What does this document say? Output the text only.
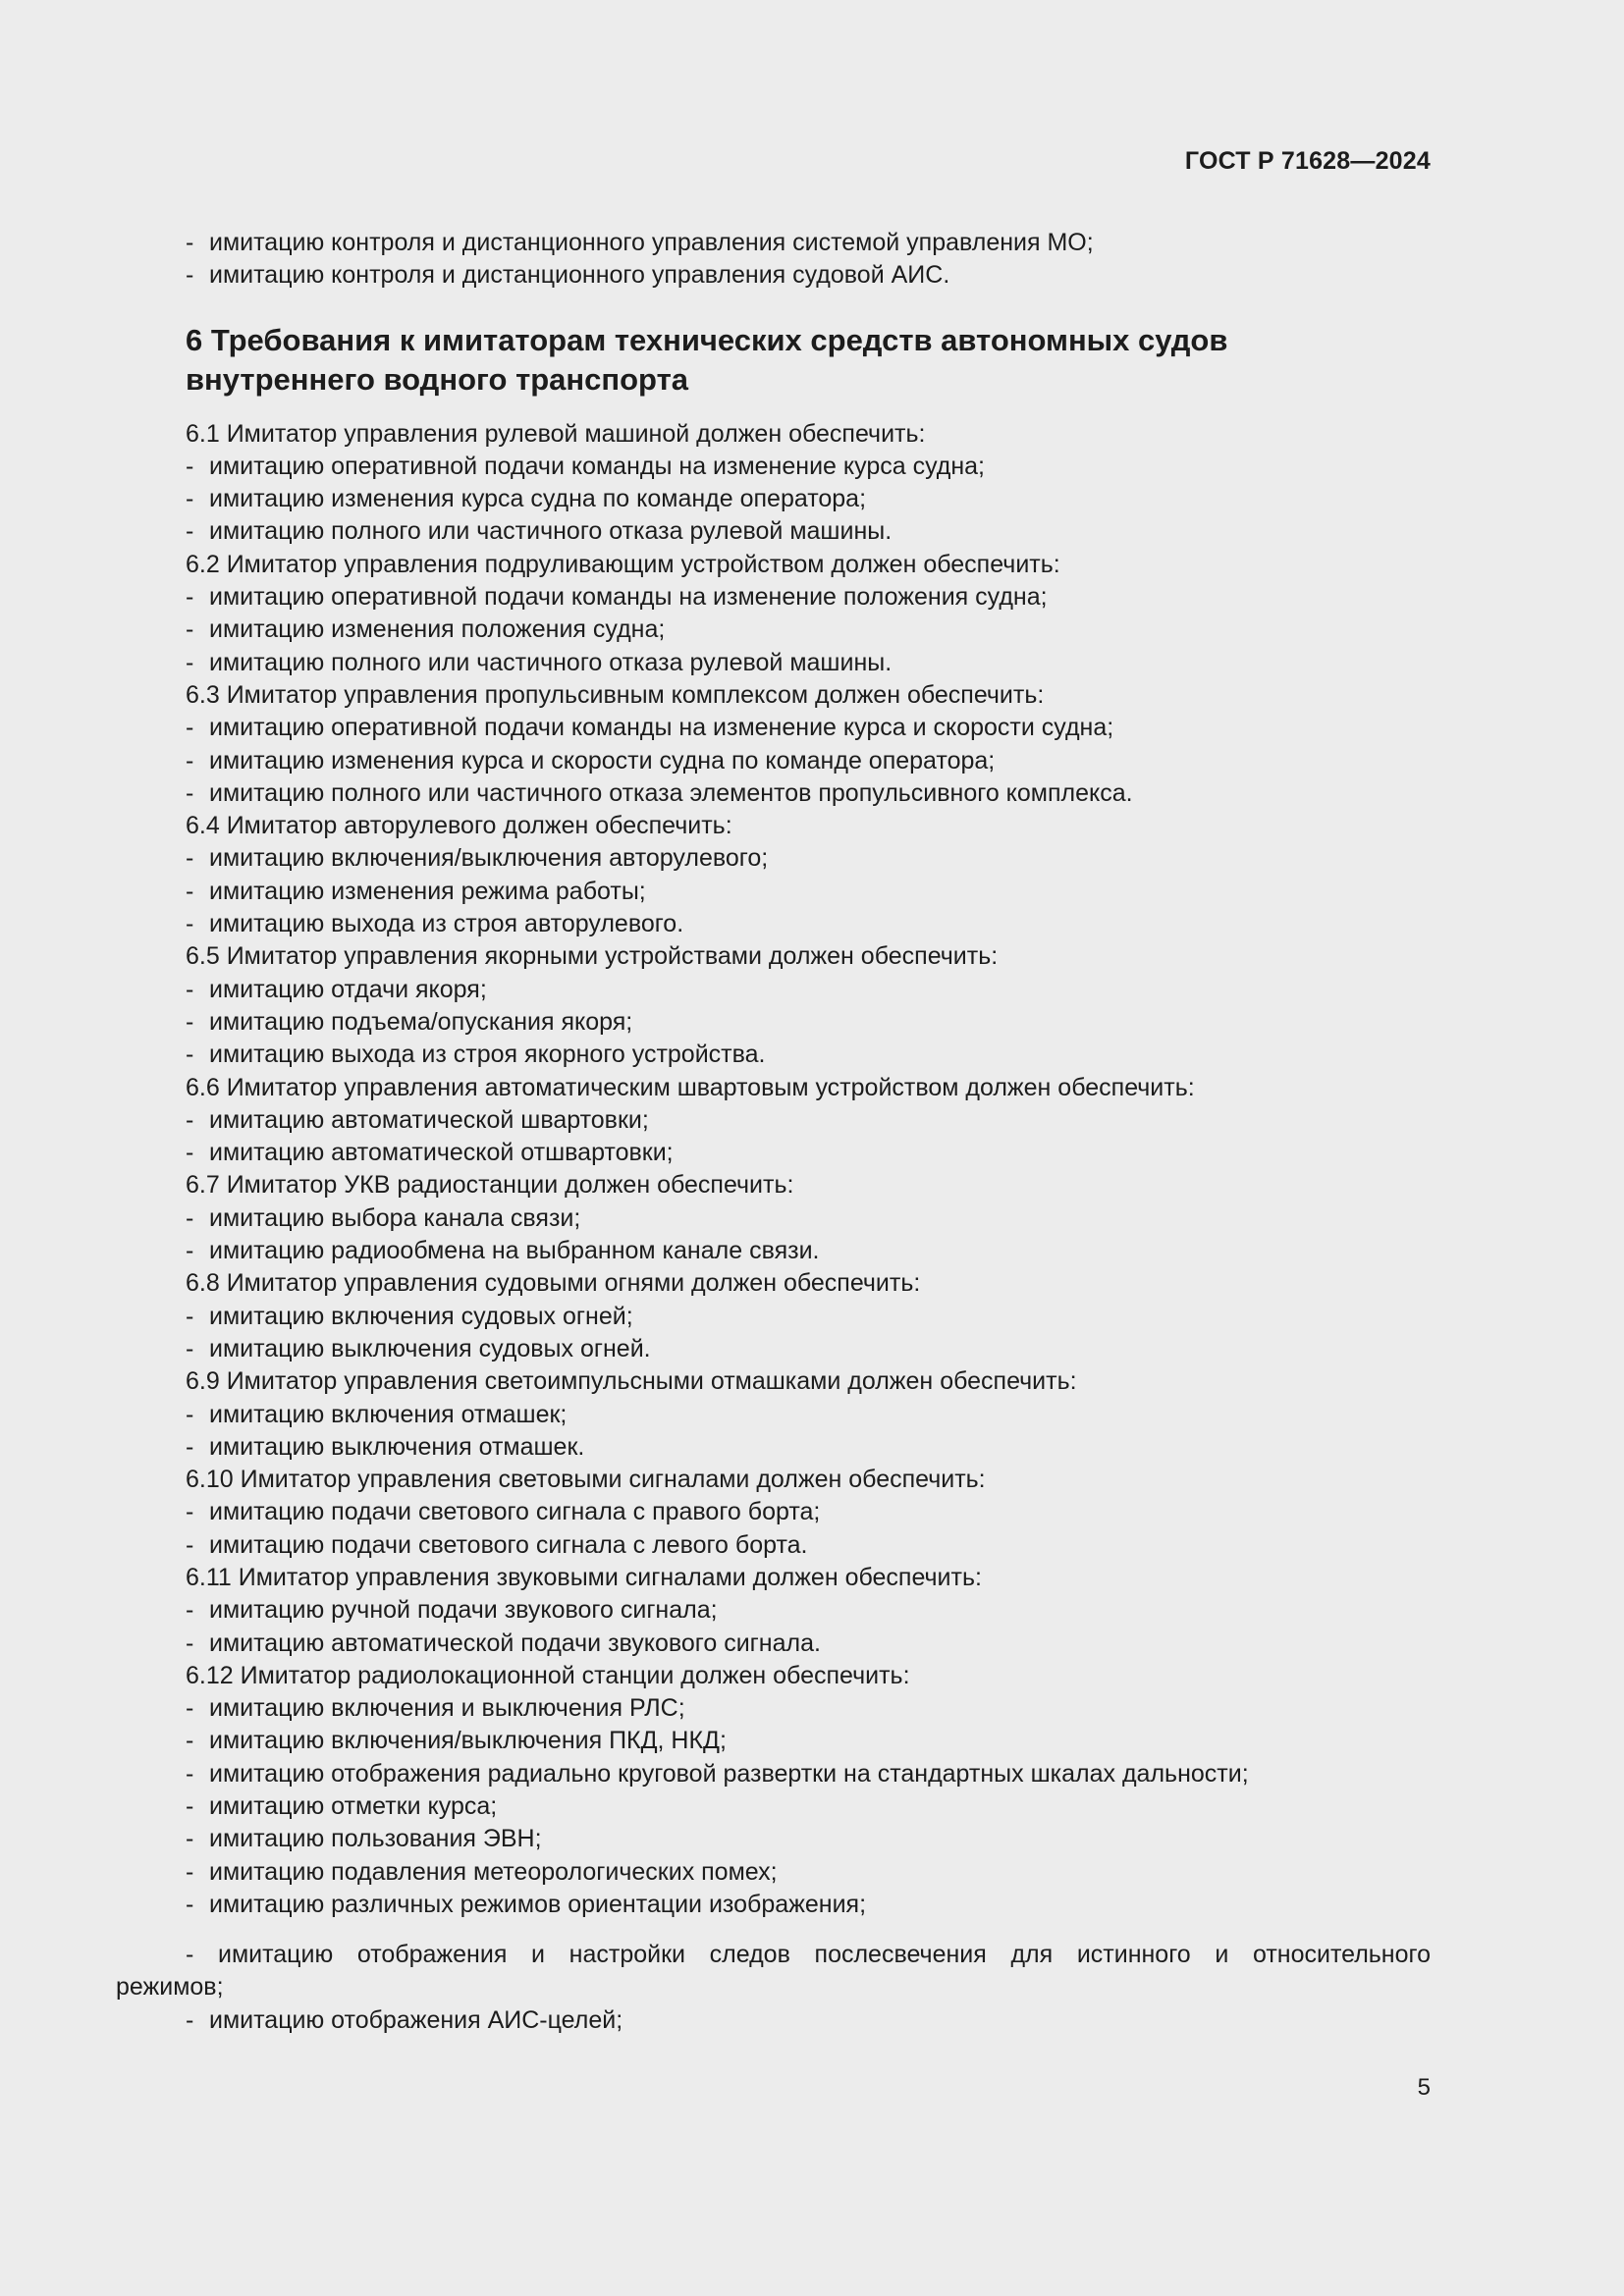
ГОСТ Р 71628—2024
- имитацию контроля и дистанционного управления системой управления МО;
- имитацию контроля и дистанционного управления судовой АИС.
6 Требования к имитаторам технических средств автономных судов
внутреннего водного транспорта
6.1 Имитатор управления рулевой машиной должен обеспечить:
- имитацию оперативной подачи команды на изменение курса судна;
- имитацию изменения курса судна по команде оператора;
- имитацию полного или частичного отказа рулевой машины.
6.2 Имитатор управления подруливающим устройством должен обеспечить:
- имитацию оперативной подачи команды на изменение положения судна;
- имитацию изменения положения судна;
- имитацию полного или частичного отказа рулевой машины.
6.3 Имитатор управления пропульсивным комплексом должен обеспечить:
- имитацию оперативной подачи команды на изменение курса и скорости судна;
- имитацию изменения курса и скорости судна по команде оператора;
- имитацию полного или частичного отказа элементов пропульсивного комплекса.
6.4 Имитатор авторулевого должен обеспечить:
- имитацию включения/выключения авторулевого;
- имитацию изменения режима работы;
- имитацию выхода из строя авторулевого.
6.5 Имитатор управления якорными устройствами должен обеспечить:
- имитацию отдачи якоря;
- имитацию подъема/опускания якоря;
- имитацию выхода из строя якорного устройства.
6.6 Имитатор управления автоматическим швартовым устройством должен обеспечить:
- имитацию автоматической швартовки;
- имитацию автоматической отшвартовки;
6.7 Имитатор УКВ радиостанции должен обеспечить:
- имитацию выбора канала связи;
- имитацию радиообмена на выбранном канале связи.
6.8 Имитатор управления судовыми огнями должен обеспечить:
- имитацию включения судовых огней;
- имитацию выключения судовых огней.
6.9 Имитатор управления светоимпульсными отмашками должен обеспечить:
- имитацию включения отмашек;
- имитацию выключения отмашек.
6.10 Имитатор управления световыми сигналами должен обеспечить:
- имитацию подачи светового сигнала с правого борта;
- имитацию подачи светового сигнала с левого борта.
6.11 Имитатор управления звуковыми сигналами должен обеспечить:
- имитацию ручной подачи звукового сигнала;
- имитацию автоматической подачи звукового сигнала.
6.12 Имитатор радиолокационной станции должен обеспечить:
- имитацию включения и выключения РЛС;
- имитацию включения/выключения ПКД, НКД;
- имитацию отображения радиально круговой развертки на стандартных шкалах дальности;
- имитацию отметки курса;
- имитацию пользования ЭВН;
- имитацию подавления метеорологических помех;
- имитацию различных режимов ориентации изображения;
- имитацию отображения и настройки следов послесвечения для истинного и относительного
режимов;
- имитацию отображения АИС-целей;
5
